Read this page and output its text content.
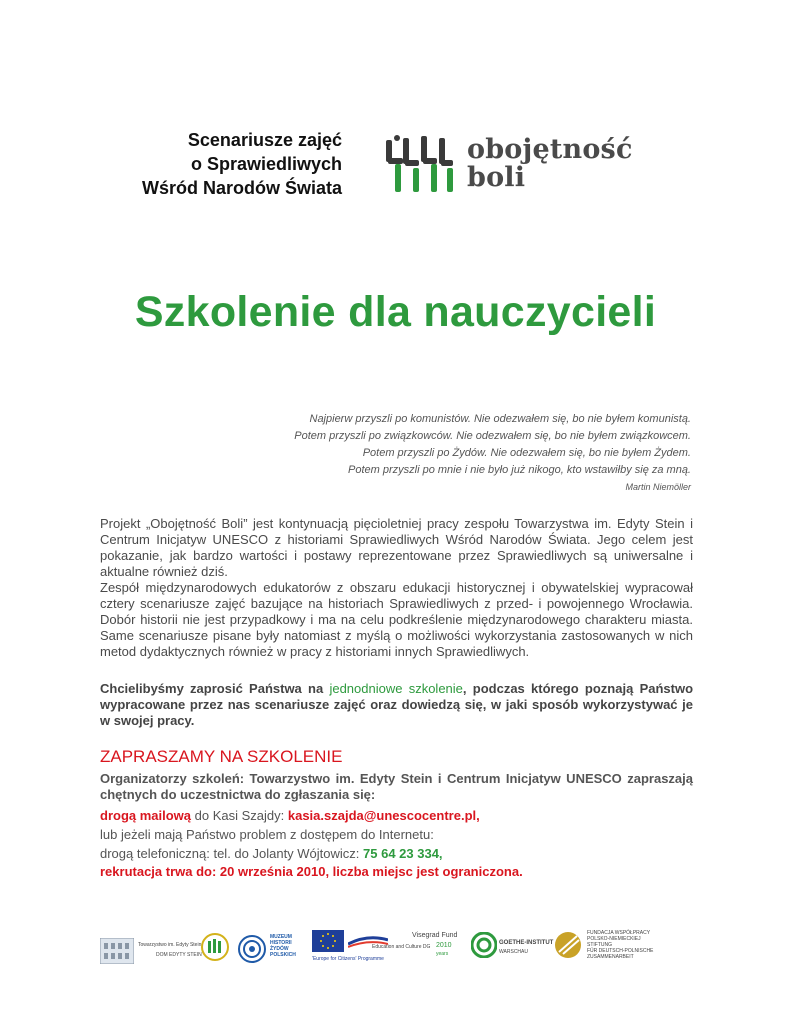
Scenariusze zajęć
o Sprawiedliwych
Wśród Narodów Świata
obojętność
boli
Szkolenie dla nauczycieli
Najpierw przyszli po komunistów. Nie odezwałem się, bo nie byłem komunistą.
Potem przyszli po związkowców. Nie odezwałem się, bo nie byłem związkowcem.
Potem przyszli po Żydów. Nie odezwałem się, bo nie byłem Żydem.
Potem przyszli po mnie i nie było już nikogo, kto wstawiłby się za mną.
Martin Niemöller
Projekt „Obojętność Boli” jest kontynuacją pięcioletniej pracy zespołu Towarzystwa im. Edyty Stein i Centrum Inicjatyw UNESCO z historiami Sprawiedliwych Wśród Narodów Świata. Jego celem jest pokazanie, jak bardzo wartości i postawy reprezentowane przez Sprawiedliwych są uniwersalne i aktualne również dziś.
Zespół międzynarodowych edukatorów z obszaru edukacji historycznej i obywatelskiej wypracował cztery scenariusze zajęć bazujące na historiach Sprawiedliwych z przed- i powojennego Wrocławia. Dobór historii nie jest przypadkowy i ma na celu podkreślenie międzynarodowego charakteru miasta. Same scenariusze pisane były natomiast z myślą o możliwości wykorzystania zastosowanych w nich metod dydaktycznych również w pracy z historiami innych Sprawiedliwych.
Chcielibyśmy zaprosić Państwa na jednodniowe szkolenie, podczas którego poznają Państwo wypracowane przez nas scenariusze zajęć oraz dowiedzą się, w jaki sposób wykorzystywać je w swojej pracy.
ZAPRASZAMY NA SZKOLENIE
Organizatorzy szkoleń: Towarzystwo im. Edyty Stein i Centrum Inicjatyw UNESCO zapraszają chętnych do uczestnictwa do zgłaszania się:
drogą mailową do Kasi Szajdy: kasia.szajda@unescocentre.pl,
lub jeżeli mają Państwo problem z dostępem do Internetu:
drogą telefoniczną: tel. do Jolanty Wójtowicz: 75 64 23 334,
rekrutacja trwa do: 20 września 2010, liczba miejsc jest ograniczona.
Towarzystwo im. Edyty Stein
DOM EDYTY STEIN
MUZEUM
HISTORII
ŻYDÓW
POLSKICH
Education and Culture DG
'Europe for Citizens' Programme
Visegrad Fund
2010
years
GOETHE-INSTITUT
WARSCHAU
FUNDACJA WSPÓŁPRACY
POLSKO-NIEMIECKIEJ
STIFTUNG
FÜR DEUTSCH-POLNISCHE
ZUSAMMENARBEIT
